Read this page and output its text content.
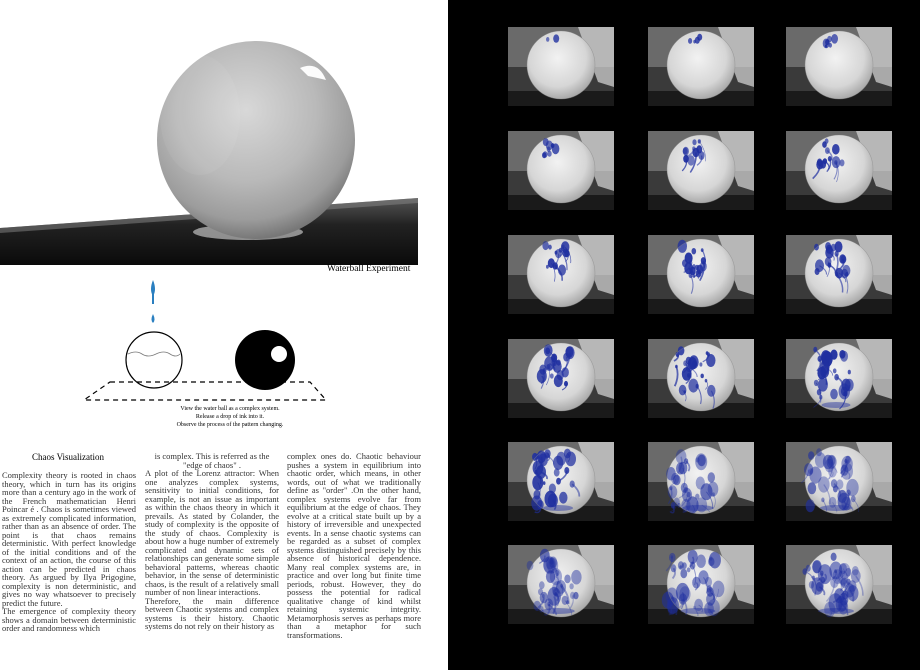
Waterball Experiment
View the water ball as a complex system.
Release a drop of ink into it.
Observe the process of the pattern changing.
Chaos Visualization

Complexity theory is rooted in chaos theory, which in turn has its origins more than a century ago in the work of the French mathematician Henri Poincar é . Chaos is sometimes viewed as extremely complicated information, rather than as an absence of order. The point is that chaos remains deterministic. With perfect knowledge of the initial conditions and of the context of an action, the course of this action can be predicted in chaos theory. As argued by Ilya Prigogine, complexity is non deterministic, and gives no way whatsoever to precisely predict the future.

The emergence of complexity theory shows a domain between deterministic order and randomness which

is complex. This is referred as the "edge of chaos" .

A plot of the Lorenz attractor: When one analyzes complex systems, sensitivity to initial conditions, for example, is not an issue as important as within the chaos theory in which it prevails. As stated by Colander, the study of complexity is the opposite of the study of chaos. Complexity is about how a huge number of extremely complicated and dynamic sets of relationships can generate some simple behavioral patterns, whereas chaotic behavior, in the sense of deterministic chaos, is the result of a relatively small number of non linear interactions.

Therefore, the main difference between Chaotic systems and complex systems is their history. Chaotic systems do not rely on their history as

complex ones do. Chaotic behaviour pushes a system in equilibrium into chaotic order, which means, in other words, out of what we traditionally define as "order" .On the other hand, complex systems evolve far from equilibrium at the edge of chaos. They evolve at a critical state built up by a history of irreversible and unexpected events. In a sense chaotic systems can be regarded as a subset of complex systems distinguished precisely by this absence of historical dependence. Many real complex systems are, in practice and over long but finite time periods, robust. However, they do possess the potential for radical qualitative change of kind whilst retaining systemic integrity. Metamorphosis serves as perhaps more than a metaphor for such transformations.
